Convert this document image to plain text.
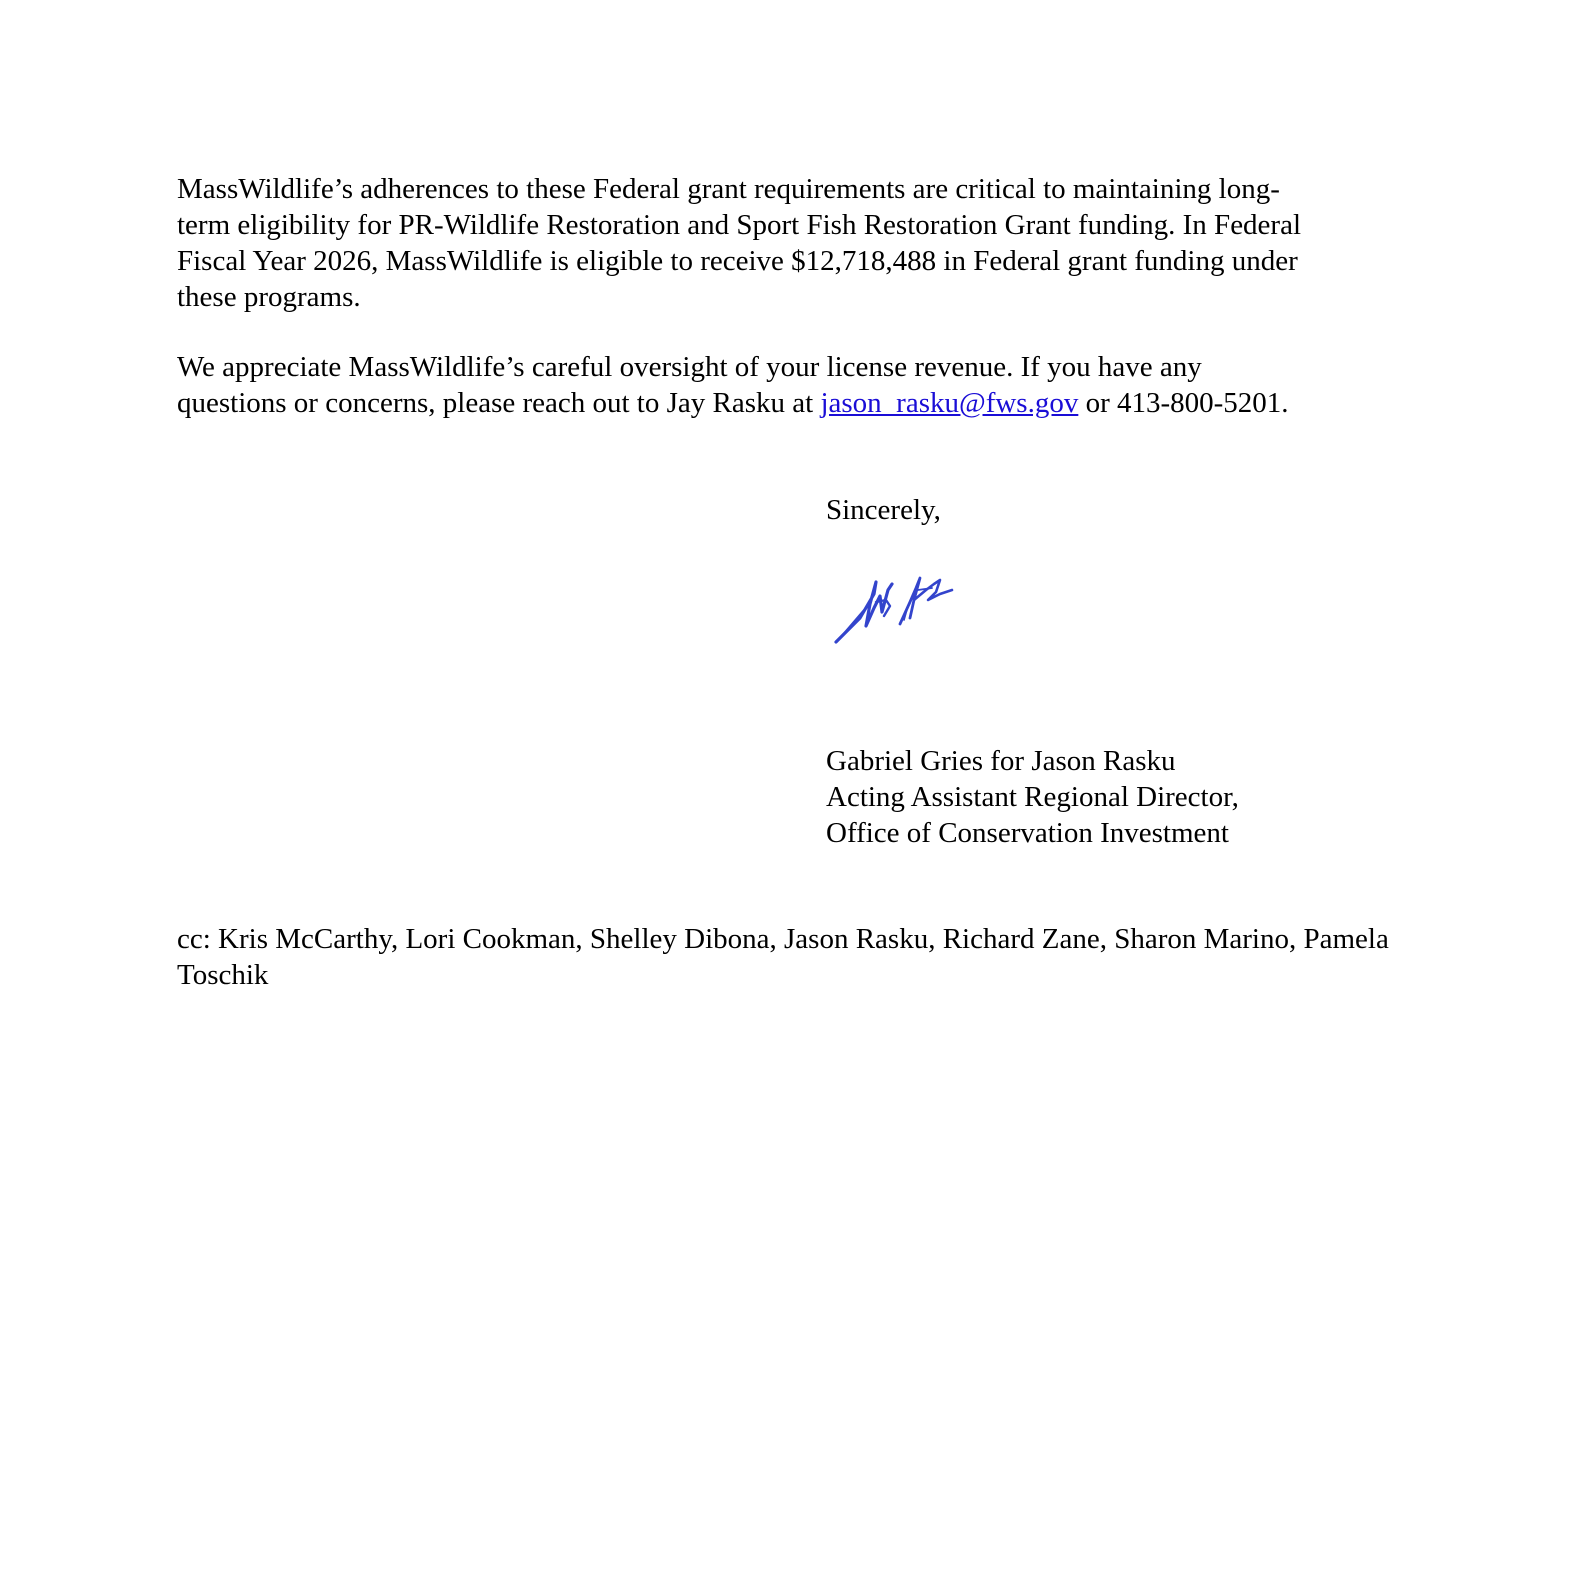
MassWildlife’s adherences to these Federal grant requirements are critical to maintaining long-

term eligibility for PR-Wildlife Restoration and Sport Fish Restoration Grant funding. In Federal

Fiscal Year 2026, MassWildlife is eligible to receive $12,718,488 in Federal grant funding under

these programs.

We appreciate MassWildlife’s careful oversight of your license revenue. If you have any

questions or concerns, please reach out to Jay Rasku at jason_rasku@fws.gov or 413-800-5201.

Sincerely,

Gabriel Gries for Jason Rasku

Acting Assistant Regional Director,

Office of Conservation Investment

cc: Kris McCarthy, Lori Cookman, Shelley Dibona, Jason Rasku, Richard Zane, Sharon Marino, Pamela

Toschik
